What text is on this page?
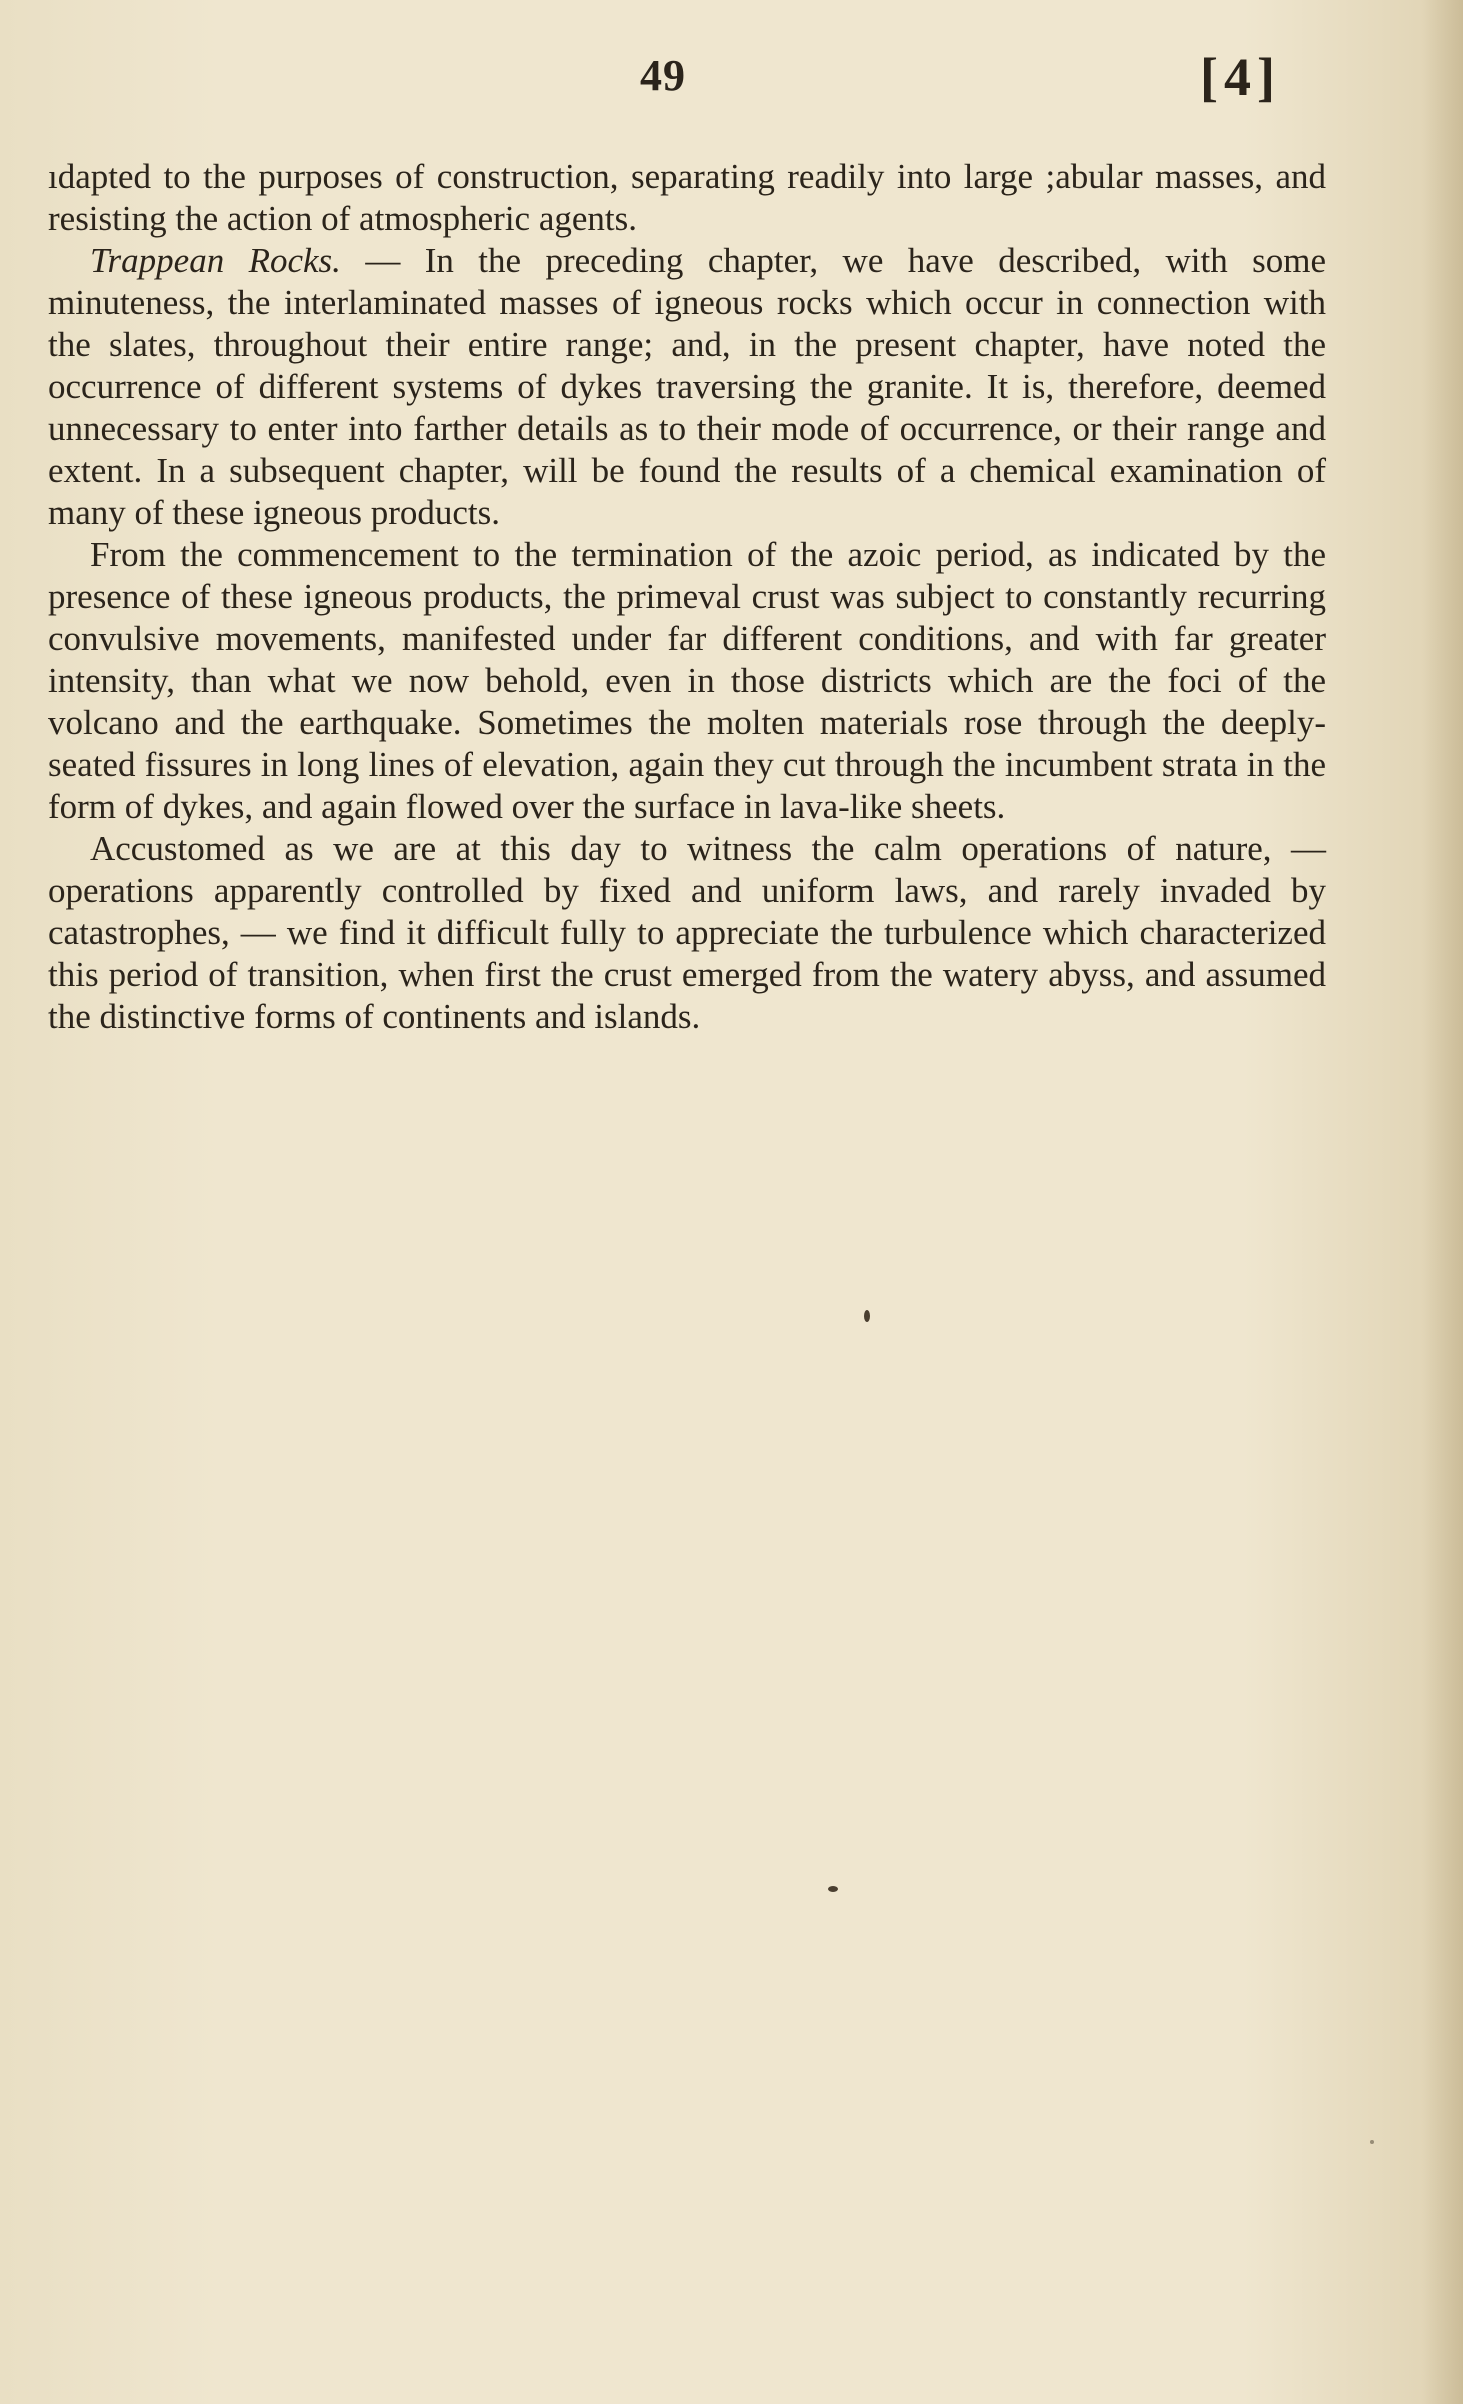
49	[4]

ıdapted to the purposes of construction, separating readily into large ;abular masses, and resisting the action of atmospheric agents.

Trappean Rocks. — In the preceding chapter, we have described, with some minuteness, the interlaminated masses of igneous rocks which occur in connection with the slates, throughout their entire range; and, in the present chapter, have noted the occurrence of different systems of dykes traversing the granite. It is, therefore, deemed unnecessary to enter into farther details as to their mode of occurrence, or their range and extent. In a subsequent chapter, will be found the results of a chemical examination of many of these igneous products.

From the commencement to the termination of the azoic period, as indicated by the presence of these igneous products, the primeval crust was subject to constantly recurring convulsive movements, manifested under far different conditions, and with far greater intensity, than what we now behold, even in those districts which are the foci of the volcano and the earthquake. Sometimes the molten materials rose through the deeply-seated fissures in long lines of elevation, again they cut through the incumbent strata in the form of dykes, and again flowed over the surface in lava-like sheets.

Accustomed as we are at this day to witness the calm operations of nature, — operations apparently controlled by fixed and uniform laws, and rarely invaded by catastrophes, — we find it difficult fully to appreciate the turbulence which characterized this period of transition, when first the crust emerged from the watery abyss, and assumed the distinctive forms of continents and islands.
